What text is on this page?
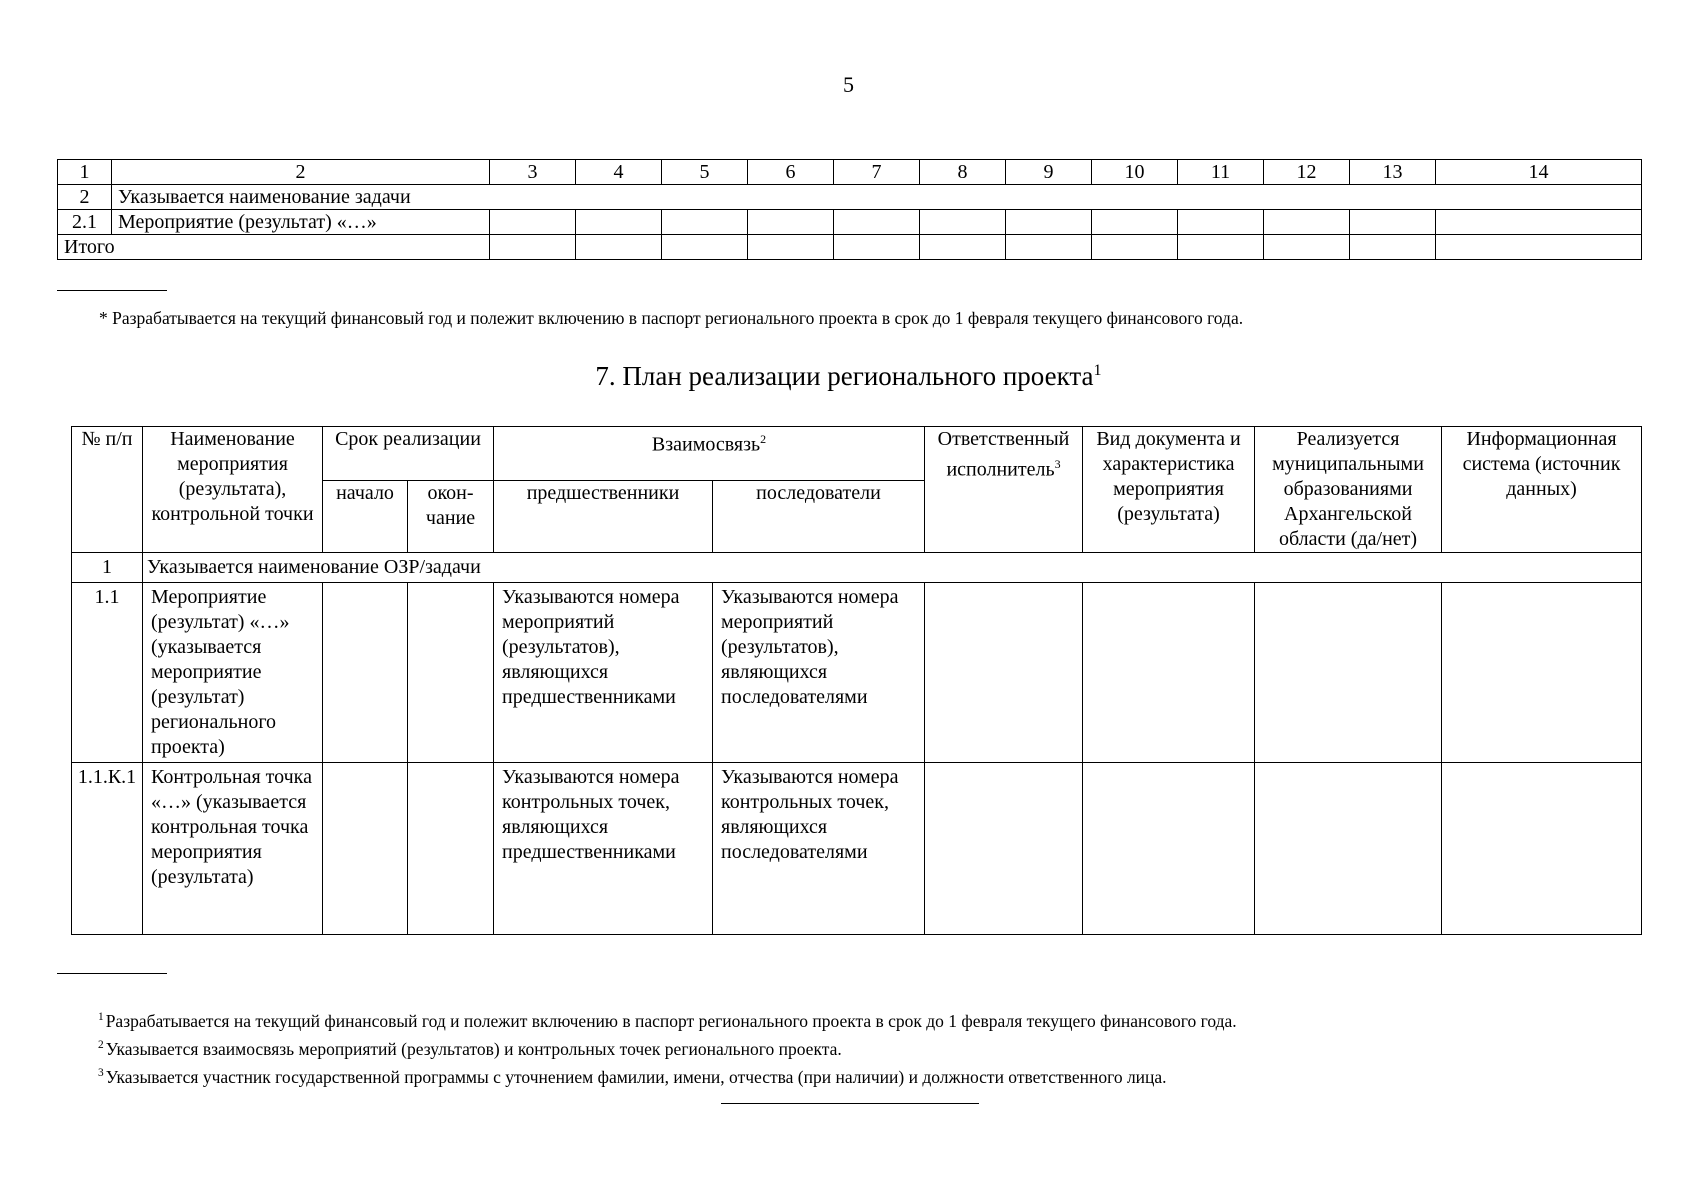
5
1	2	3	4	5	6	7	8	9	10	11	12	13	14
2	Указывается наименование задачи												
2.1	Мероприятие (результат) «…»												
Итого													
* Разрабатывается на текущий финансовый год и полежит включению в паспорт регионального проекта в срок до 1 февраля текущего финансового года.
7. План реализации регионального проекта$^1$
№ п/п	Наименование мероприятия (результата), контрольной точки	Срок реализации		Взаимосвязь$^2$		Ответственный исполнитель$^3$	Вид документа и характеристика мероприятия (результата)	Реализуется муниципальными образованиями Архангельской области (да/нет)	Информационная система (источник данных)
		начало	окон-чание	предшественники	последователи				
1	Указывается наименование ОЗР/задачи								
1.1	Мероприятие (результат) «…» (указывается мероприятие (результат) регионального проекта)			Указываются номера мероприятий (результатов), являющихся предшественниками	Указываются номера мероприятий (результатов), являющихся последователями				
1.1.К.1	Контрольная точка «…» (указывается контрольная точка мероприятия (результата)			Указываются номера контрольных точек, являющихся предшественниками	Указываются номера контрольных точек, являющихся последователями				
$^1$ Разрабатывается на текущий финансовый год и полежит включению в паспорт регионального проекта в срок до 1 февраля текущего финансового года.
$^2$ Указывается взаимосвязь мероприятий (результатов) и контрольных точек регионального проекта.
$^3$ Указывается участник государственной программы с уточнением фамилии, имени, отчества (при наличии) и должности ответственного лица.
